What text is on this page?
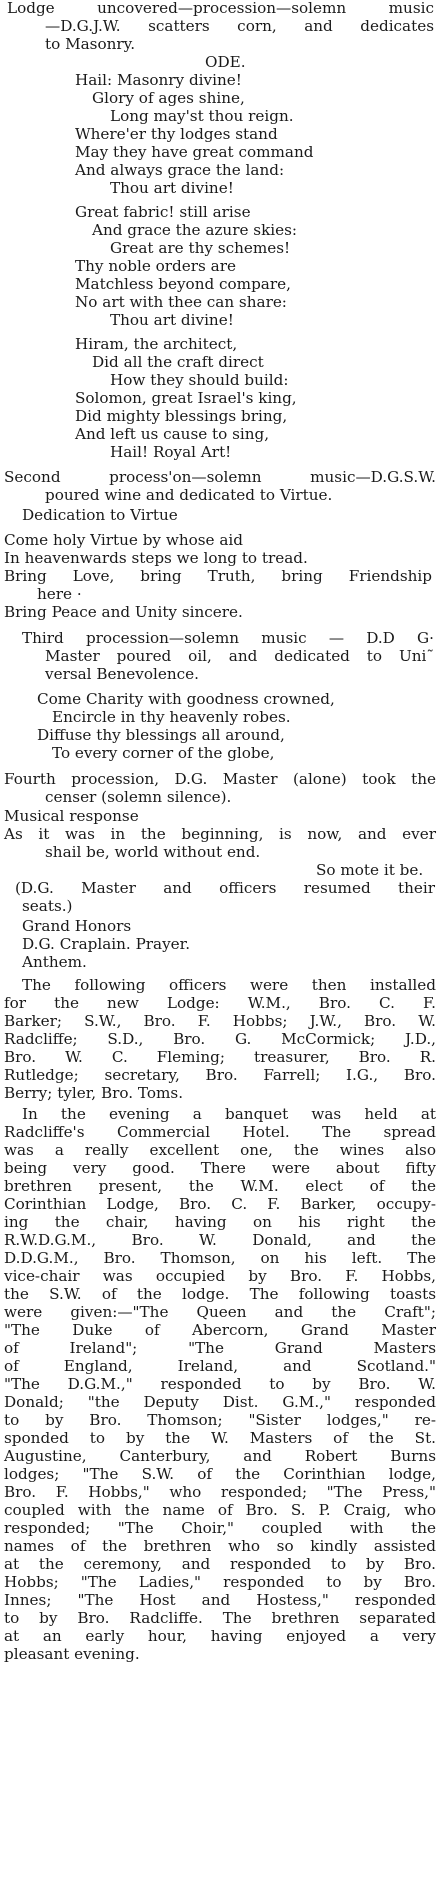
Lodge uncovered—procession—solemn music
—D.G.J.W. scatters corn, and dedicates
to Masonry.
ODE.
Hail: Masonry divine!
Glory of ages shine,
Long may'st thou reign.
Where'er thy lodges stand
May they have great command
And always grace the land:
Thou art divine!
Great fabric! still arise
And grace the azure skies:
Great are thy schemes!
Thy noble orders are
Matchless beyond compare,
No art with thee can share:
Thou art divine!
Hiram, the architect,
Did all the craft direct
How they should build:
Solomon, great Israel's king,
Did mighty blessings bring,
And left us cause to sing,
Hail! Royal Art!
Second process'on—solemn music—D.G.S.W.
poured wine and dedicated to Virtue.
Dedication to Virtue
Come holy Virtue by whose aid
In heavenwards steps we long to tread.
Bring Love, bring Truth, bring Friendship
here ·
Bring Peace and Unity sincere.
Third procession—solemn music — D.D G·
Master poured oil, and dedicated to Uni˜
versal Benevolence.
Come Charity with goodness crowned,
Encircle in thy heavenly robes.
Diffuse thy blessings all around,
To every corner of the globe,
Fourth procession, D.G. Master (alone) took the
censer (solemn silence).
Musical response
As it was in the beginning, is now, and ever
shail be, world without end.
So mote it be.
(D.G. Master and officers resumed their
seats.)
Grand Honors
D.G. Craplain. Prayer.
Anthem.
The following officers were then installed
for the new Lodge: W.M., Bro. C. F.
Barker; S.W., Bro. F. Hobbs; J.W., Bro. W.
Radcliffe; S.D., Bro. G. McCormick; J.D.,
Bro. W. C. Fleming; treasurer, Bro. R.
Rutledge; secretary, Bro. Farrell; I.G., Bro.
Berry; tyler, Bro. Toms.
In the evening a banquet was held at
Radcliffe's Commercial Hotel. The spread
was a really excellent one, the wines also
being very good. There were about fifty
brethren present, the W.M. elect of the
Corinthian Lodge, Bro. C. F. Barker, occupy-
ing the chair, having on his right the
R.W.D.G.M., Bro. W. Donald, and the
D.D.G.M., Bro. Thomson, on his left. The
vice-chair was occupied by Bro. F. Hobbs,
the S.W. of the lodge. The following toasts
were given:—"The Queen and the Craft";
"The Duke of Abercorn, Grand Master
of Ireland"; "The Grand Masters
of England, Ireland, and Scotland."
"The D.G.M.," responded to by Bro. W.
Donald; "the Deputy Dist. G.M.," responded
to by Bro. Thomson; "Sister lodges," re-
sponded to by the W. Masters of the St.
Augustine, Canterbury, and Robert Burns
lodges; "The S.W. of the Corinthian lodge,
Bro. F. Hobbs," who responded; "The Press,"
coupled with the name of Bro. S. P. Craig, who
responded; "The Choir," coupled with the
names of the brethren who so kindly assisted
at the ceremony, and responded to by Bro.
Hobbs; "The Ladies," responded to by Bro.
Innes; "The Host and Hostess," responded
to by Bro. Radcliffe. The brethren separated
at an early hour, having enjoyed a very
pleasant evening.
